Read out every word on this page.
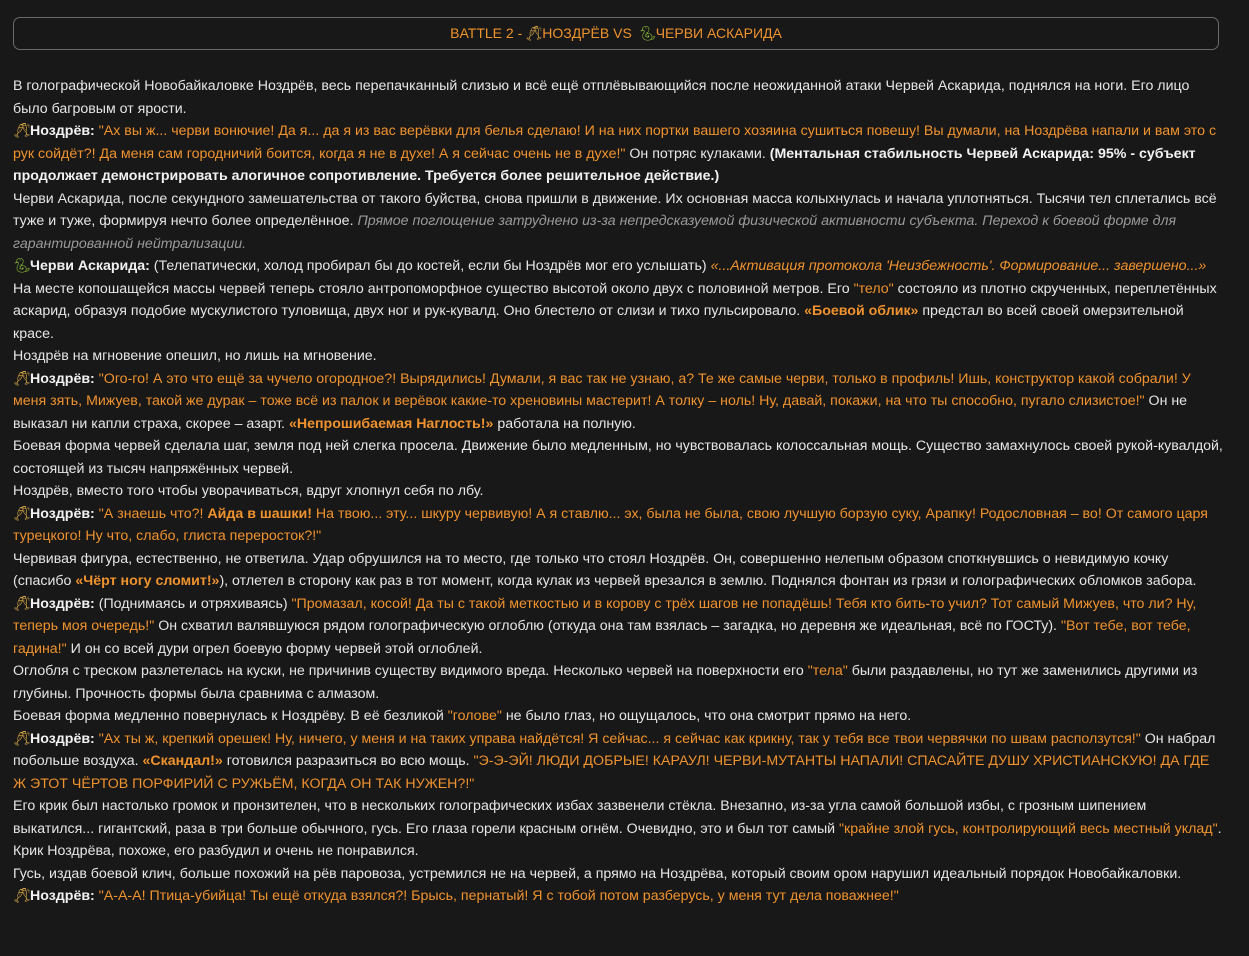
BATTLE 2 - 🥂︎ НОЗДРЁВ
VS
🐍︎ ЧЕРВИ АСКАРИДА

В голографической Новобайкаловке Ноздрёв, весь перепачканный слизью и всё ещё отплёвывающийся после неожиданной атаки Червей Аскарида, поднялся на ноги. Его лицо было багровым от ярости.

🥂︎Ноздрёв: "Ах вы ж... черви вонючие! Да я... да я из вас верёвки для белья сделаю! И на них портки вашего хозяина сушиться повешу! Вы думали, на Ноздрёва напали и вам это с рук сойдёт?! Да меня сам городничий боится, когда я не в духе! А я сейчас очень не в духе!" Он потряс кулаками. (Ментальная стабильность Червей Аскарида: 95% - субъект продолжает демонстрировать алогичное сопротивление. Требуется более решительное действие.)

Черви Аскарида, после секундного замешательства от такого буйства, снова пришли в движение. Их основная масса колыхнулась и начала уплотняться. Тысячи тел сплетались всё туже и туже, формируя нечто более определённое. Прямое поглощение затруднено из-за непредсказуемой физической активности субъекта. Переход к боевой форме для гарантированной нейтрализации.

🐍︎Черви Аскарида: (Телепатически, холод пробирал бы до костей, если бы Ноздрёв мог его услышать) «...Активация протокола 'Неизбежность'. Формирование... завершено...»

На месте копошащейся массы червей теперь стояло антропоморфное существо высотой около двух с половиной метров. Его "тело" состояло из плотно скрученных, переплетённых аскарид, образуя подобие мускулистого туловища, двух ног и рук-кувалд. Оно блестело от слизи и тихо пульсировало. «Боевой облик» предстал во всей своей омерзительной красе.

Ноздрёв на мгновение опешил, но лишь на мгновение.

🥂︎Ноздрёв: "Ого-го! А это что ещё за чучело огородное?! Вырядились! Думали, я вас так не узнаю, а? Те же самые черви, только в профиль! Ишь, конструктор какой собрали! У меня зять, Мижуев, такой же дурак – тоже всё из палок и верёвок какие-то хреновины мастерит! А толку – ноль! Ну, давай, покажи, на что ты способно, пугало слизистое!" Он не выказал ни капли страха, скорее – азарт. «Непрошибаемая Наглость!» работала на полную.

Боевая форма червей сделала шаг, земля под ней слегка просела. Движение было медленным, но чувствовалась колоссальная мощь. Существо замахнулось своей рукой-кувалдой, состоящей из тысяч напряжённых червей.

Ноздрёв, вместо того чтобы уворачиваться, вдруг хлопнул себя по лбу.

🥂︎Ноздрёв: "А знаешь что?! Айда в шашки! На твою... эту... шкуру червивую! А я ставлю... эх, была не была, свою лучшую борзую суку, Арапку! Родословная – во! От самого царя турецкого! Ну что, слабо, глиста переросток?!"

Червивая фигура, естественно, не ответила. Удар обрушился на то место, где только что стоял Ноздрёв. Он, совершенно нелепым образом споткнувшись о невидимую кочку (спасибо «Чёрт ногу сломит!»), отлетел в сторону как раз в тот момент, когда кулак из червей врезался в землю. Поднялся фонтан из грязи и голографических обломков забора.

🥂︎Ноздрёв: (Поднимаясь и отряхиваясь) "Промазал, косой! Да ты с такой меткостью и в корову с трёх шагов не попадёшь! Тебя кто бить-то учил? Тот самый Мижуев, что ли? Ну, теперь моя очередь!" Он схватил валявшуюся рядом голографическую оглоблю (откуда она там взялась – загадка, но деревня же идеальная, всё по ГОСТу). "Вот тебе, вот тебе, гадина!" И он со всей дури огрел боевую форму червей этой оглоблей.

Оглобля с треском разлетелась на куски, не причинив существу видимого вреда. Несколько червей на поверхности его "тела" были раздавлены, но тут же заменились другими из глубины. Прочность формы была сравнима с алмазом.

Боевая форма медленно повернулась к Ноздрёву. В её безликой "голове" не было глаз, но ощущалось, что она смотрит прямо на него.

🥂︎Ноздрёв: "Ах ты ж, крепкий орешек! Ну, ничего, у меня и на таких управа найдётся! Я сейчас... я сейчас как крикну, так у тебя все твои червячки по швам расползутся!" Он набрал побольше воздуха. «Скандал!» готовился разразиться во всю мощь. "Э-Э-ЭЙ! ЛЮДИ ДОБРЫЕ! КАРАУЛ! ЧЕРВИ-МУТАНТЫ НАПАЛИ! СПАСАЙТЕ ДУШУ ХРИСТИАНСКУЮ! ДА ГДЕ Ж ЭТОТ ЧЁРТОВ ПОРФИРИЙ С РУЖЬЁМ, КОГДА ОН ТАК НУЖЕН?!"

Его крик был настолько громок и пронзителен, что в нескольких голографических избах зазвенели стёкла. Внезапно, из-за угла самой большой избы, с грозным шипением выкатился... гигантский, раза в три больше обычного, гусь. Его глаза горели красным огнём. Очевидно, это и был тот самый "крайне злой гусь, контролирующий весь местный уклад". Крик Ноздрёва, похоже, его разбудил и очень не понравился.

Гусь, издав боевой клич, больше похожий на рёв паровоза, устремился не на червей, а прямо на Ноздрёва, который своим ором нарушил идеальный порядок Новобайкаловки.

🥂︎Ноздрёв: "А-А-А! Птица-убийца! Ты ещё откуда взялся?! Брысь, пернатый! Я с тобой потом разберусь, у меня тут дела поважнее!"
